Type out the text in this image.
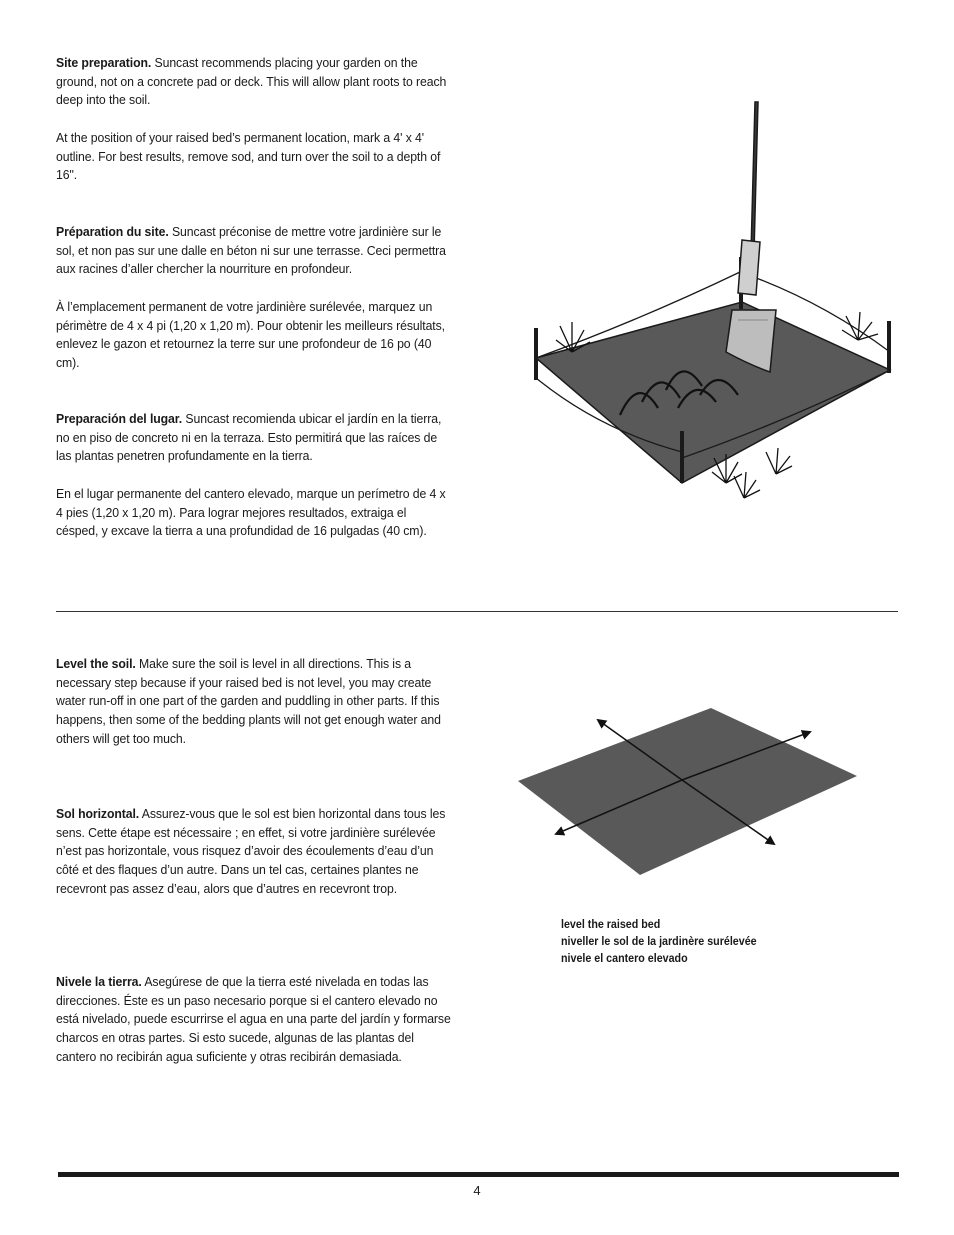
Site preparation. Suncast recommends placing your garden on the ground, not on a concrete pad or deck. This will allow plant roots to reach deep into the soil.
At the position of your raised bed’s permanent location, mark a 4' x 4' outline. For best results, remove sod, and turn over the soil to a depth of 16".
Préparation du site. Suncast préconise de mettre votre jardinière sur le sol, et non pas sur une dalle en béton ni sur une terrasse. Ceci permettra aux racines d’aller chercher la nourriture en profondeur.
À l’emplacement permanent de votre jardinière surélevée, marquez un périmètre de 4 x 4 pi (1,20 x 1,20 m). Pour obtenir les meilleurs résultats, enlevez le gazon et retournez la terre sur une profondeur de 16 po (40 cm).
Preparación del lugar. Suncast recomienda ubicar el jardín en la tierra, no en piso de concreto ni en la terraza. Esto permitirá que las raíces de las plantas penetren profundamente en la tierra.
En el lugar permanente del cantero elevado, marque un perímetro de 4 x 4 pies (1,20 x 1,20 m). Para lograr mejores resultados, extraiga el césped, y excave la tierra a una profundidad de 16 pulgadas (40 cm).
Level the soil. Make sure the soil is level in all directions. This is a necessary step because if your raised bed is not level, you may create water run-off in one part of the garden and puddling in other parts. If this happens, then some of the bedding plants will not get enough water and others will get too much.
Sol horizontal. Assurez-vous que le sol est bien horizontal dans tous les sens. Cette étape est nécessaire ; en effet, si votre jardinière surélevée n’est pas horizontale, vous risquez d’avoir des écoulements d’eau d’un côté et des flaques d’un autre. Dans un tel cas, certaines plantes ne recevront pas assez d’eau, alors que d’autres en recevront trop.
Nivele la tierra. Asegúrese de que la tierra esté nivelada en todas las direcciones. Éste es un paso necesario porque si el cantero elevado no está nivelado, puede escurrirse el agua en una parte del jardín y formarse charcos en otras partes. Si esto sucede, algunas de las plantas del cantero no recibirán agua suficiente y otras recibirán demasiada.
level the raised bed
niveller le sol de la jardinère surélevée
nivele el cantero elevado
4
